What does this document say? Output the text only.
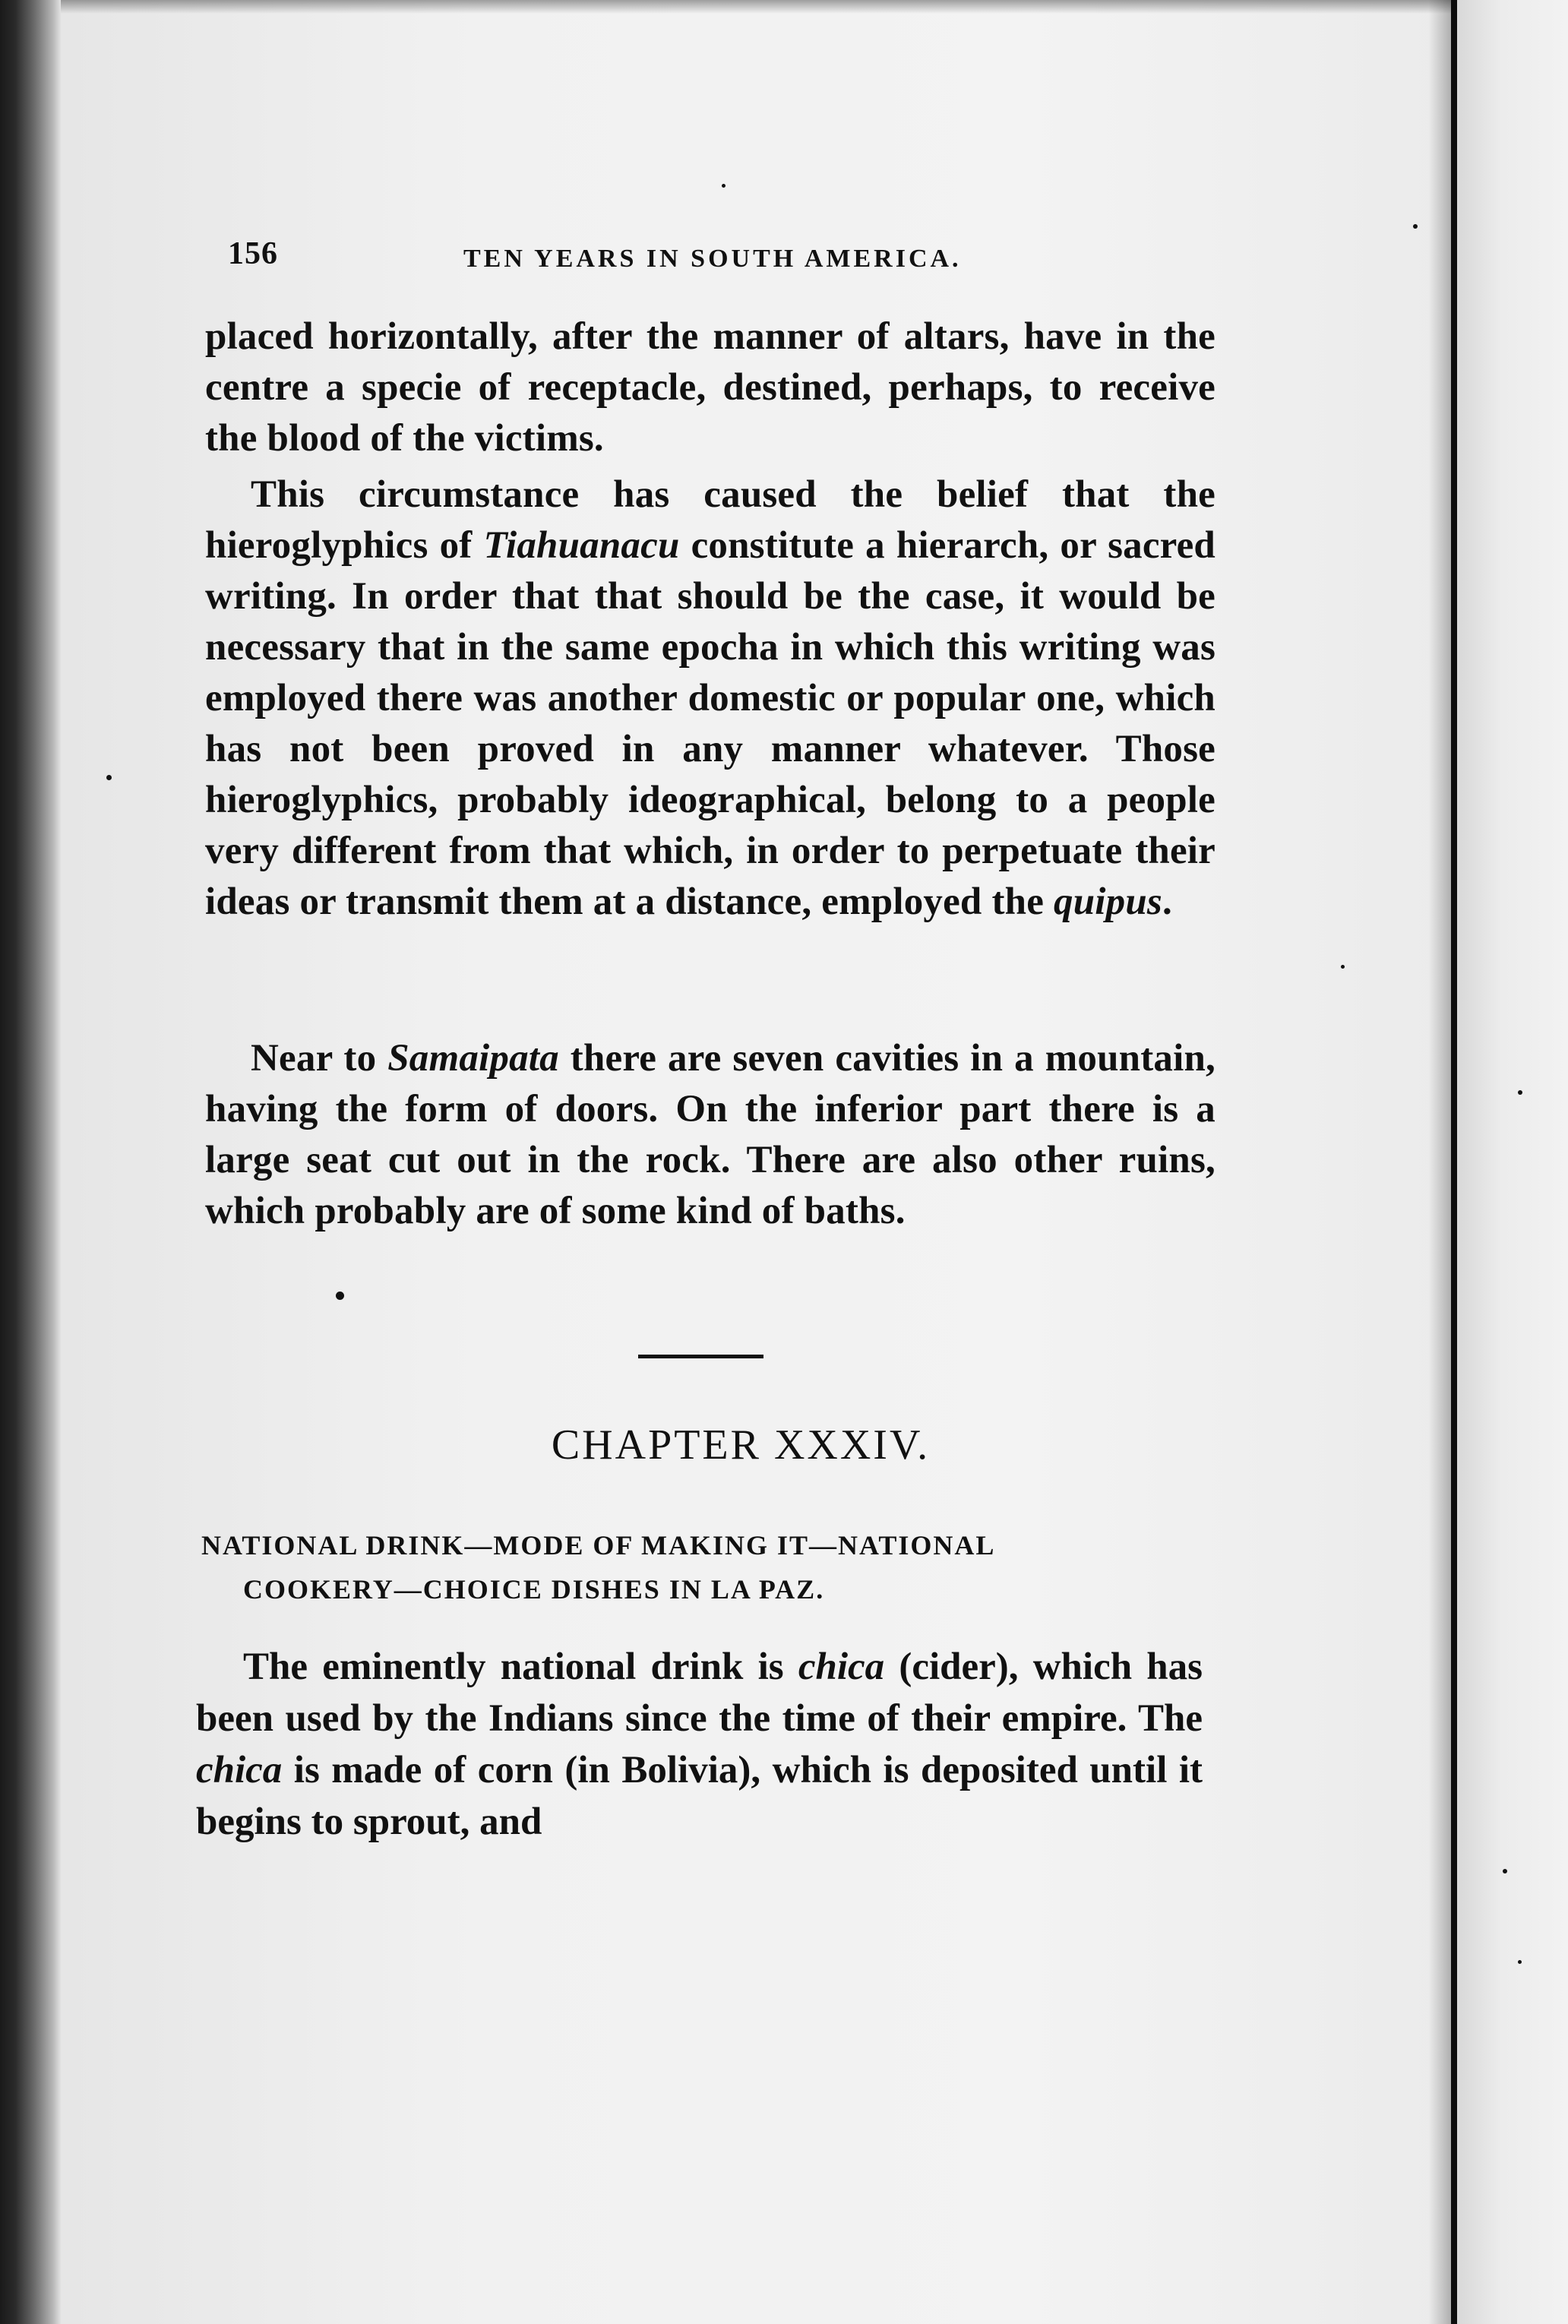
156	TEN YEARS IN SOUTH AMERICA.

placed horizontally, after the manner of altars, have in the centre a specie of receptacle, destined, perhaps, to receive the blood of the victims.

This circumstance has caused the belief that the hieroglyphics of Tiahuanacu constitute a hierarch, or sacred writing. In order that that should be the case, it would be necessary that in the same epocha in which this writing was employed there was another domestic or popular one, which has not been proved in any manner whatever. Those hieroglyphics, probably ideographical, belong to a people very different from that which, in order to perpetuate their ideas or transmit them at a distance, employed the quipus.

Near to Samaipata there are seven cavities in a mountain, having the form of doors. On the inferior part there is a large seat cut out in the rock. There are also other ruins, which probably are of some kind of baths.

CHAPTER XXXIV.
NATIONAL DRINK—MODE OF MAKING IT—NATIONAL
COOKERY—CHOICE DISHES IN LA PAZ.

The eminently national drink is chica (cider), which has been used by the Indians since the time of their empire. The chica is made of corn (in Bolivia), which is deposited until it begins to sprout, and
